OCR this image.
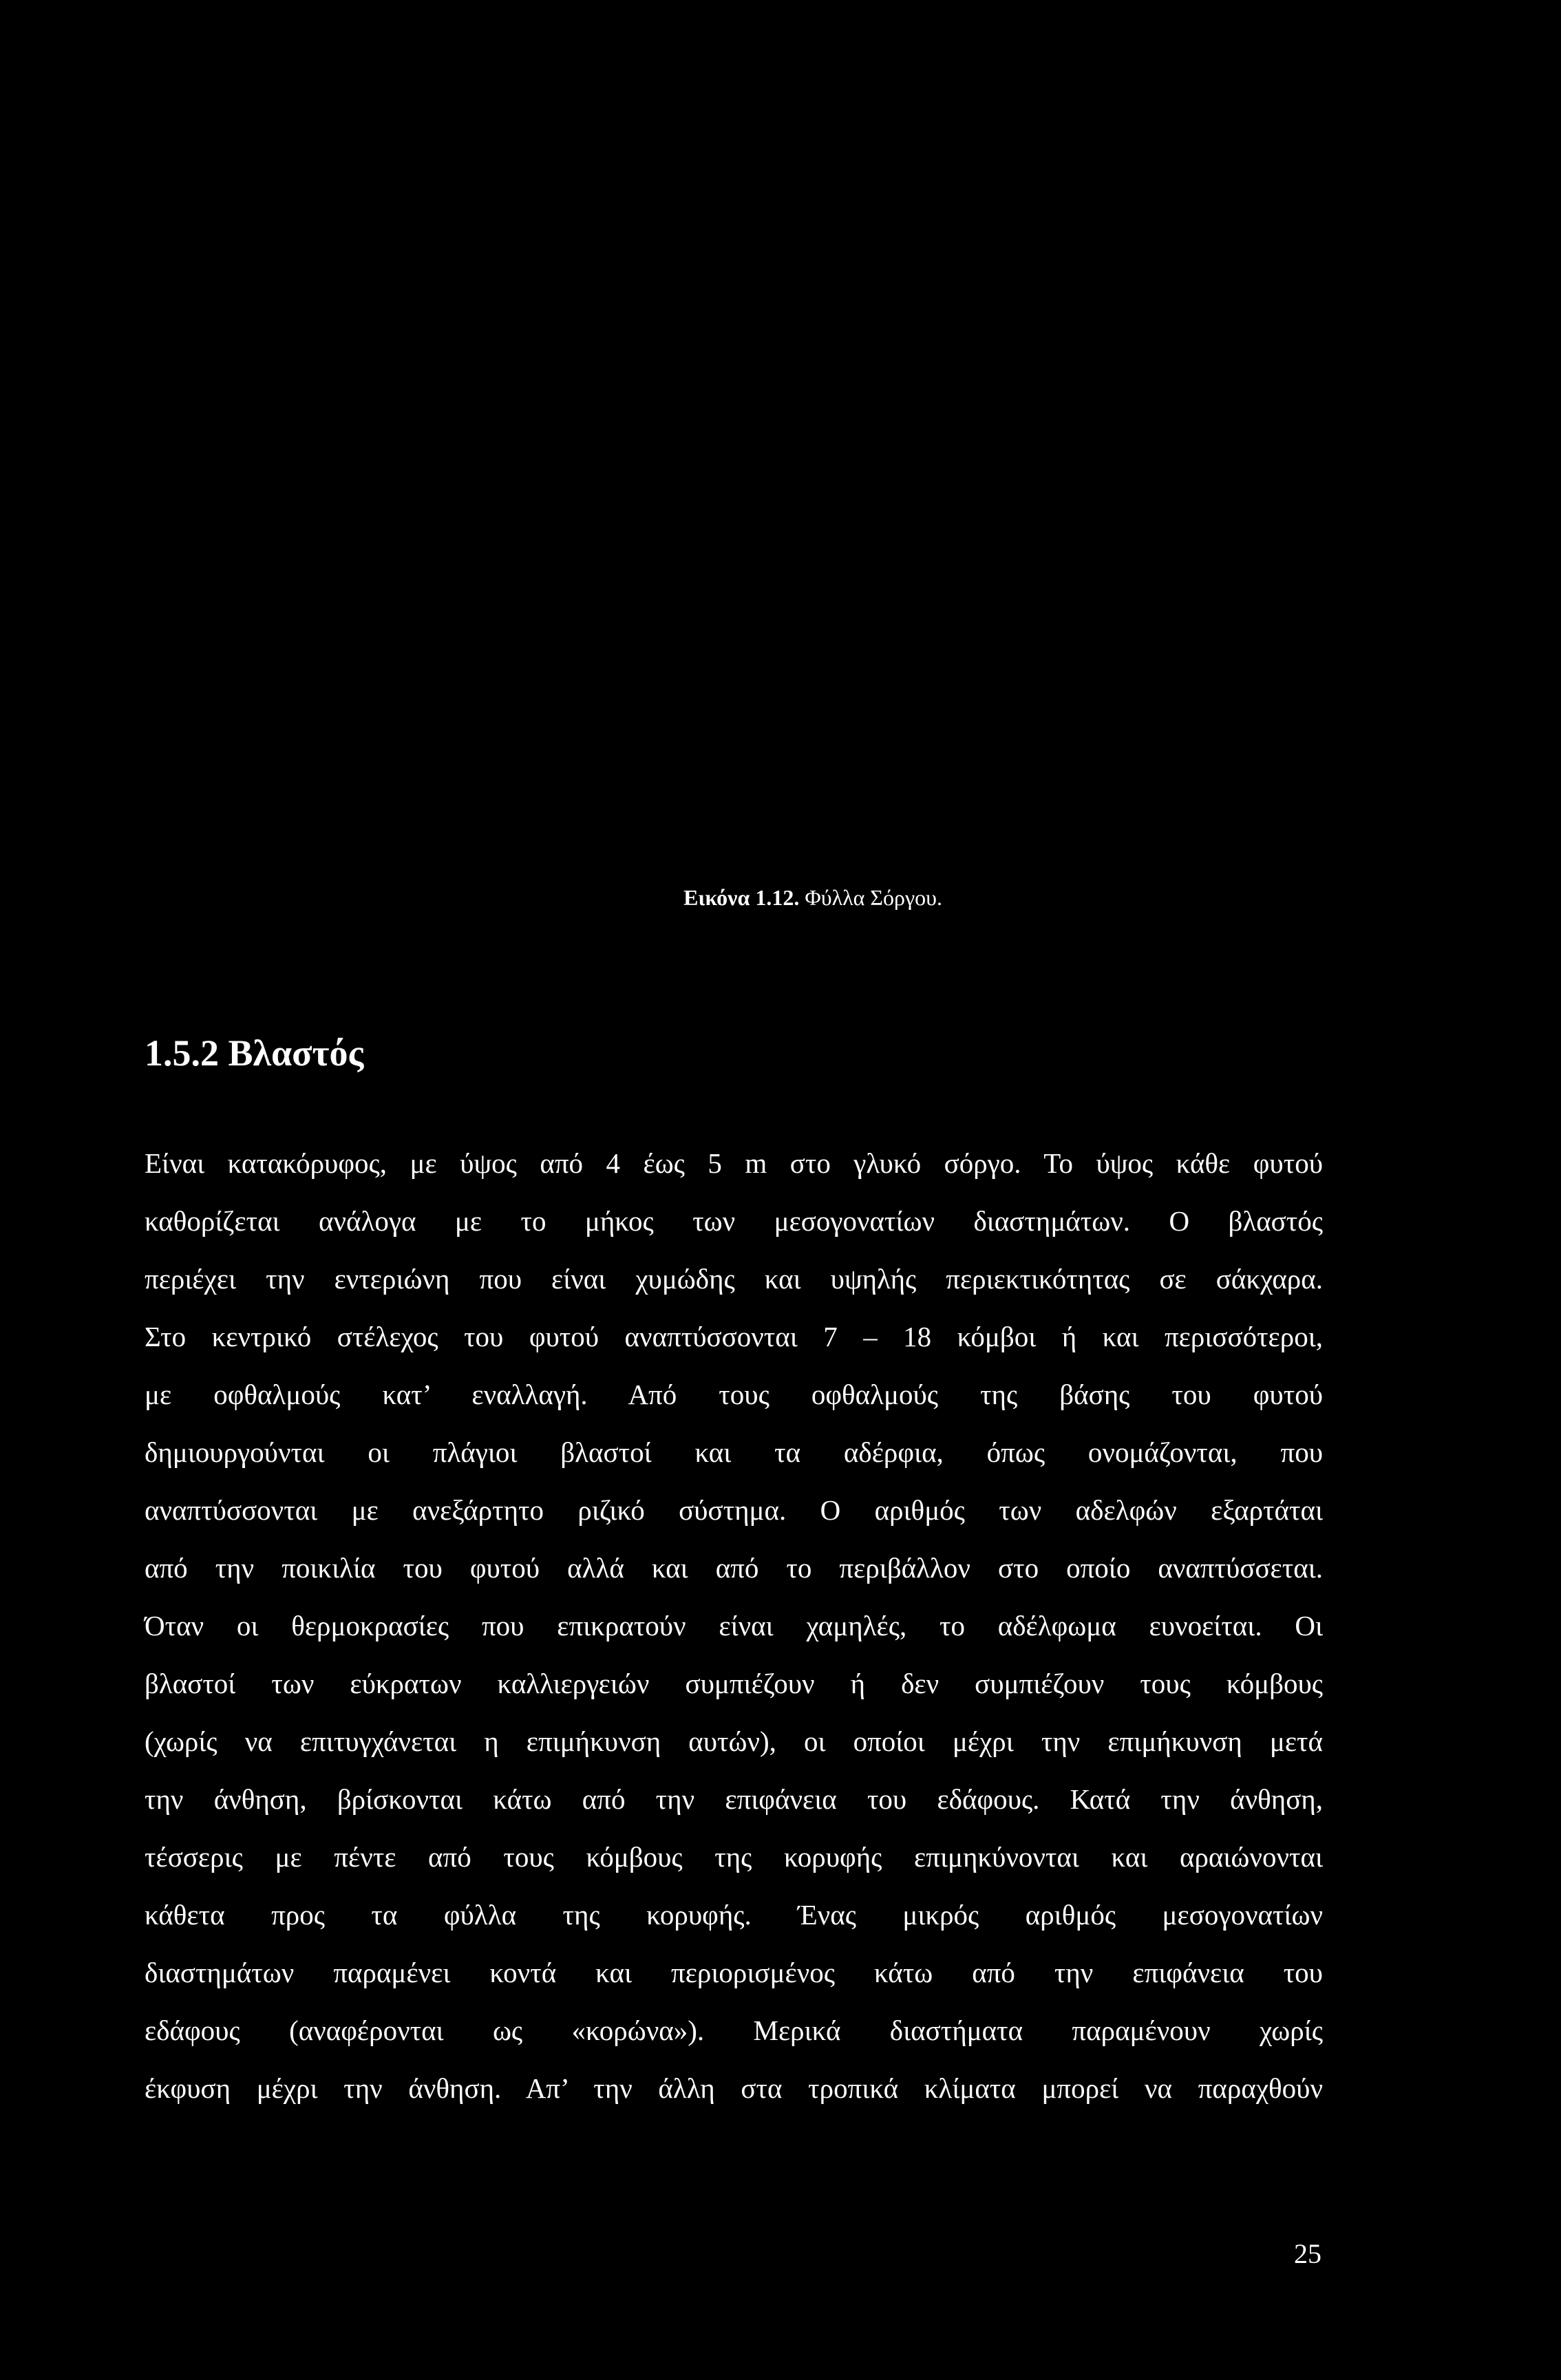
Εικόνα 1.12. Φύλλα Σόργου.
1.5.2 Βλαστός
Είναι κατακόρυφος, με ύψος από 4 έως 5 m στο γλυκό σόργο. Το ύψος κάθε φυτού
καθορίζεται ανάλογα με το μήκος των μεσογονατίων διαστημάτων. Ο βλαστός
περιέχει την εντεριώνη που είναι χυμώδης και υψηλής περιεκτικότητας σε σάκχαρα.
Στο κεντρικό στέλεχος του φυτού αναπτύσσονται 7 – 18 κόμβοι ή και περισσότεροι,
με οφθαλμούς κατ’ εναλλαγή. Από τους οφθαλμούς της βάσης του φυτού
δημιουργούνται οι πλάγιοι βλαστοί και τα αδέρφια, όπως ονομάζονται, που
αναπτύσσονται με ανεξάρτητο ριζικό σύστημα. Ο αριθμός των αδελφών εξαρτάται
από την ποικιλία του φυτού αλλά και από το περιβάλλον στο οποίο αναπτύσσεται.
Όταν οι θερμοκρασίες που επικρατούν είναι χαμηλές, το αδέλφωμα ευνοείται. Οι
βλαστοί των εύκρατων καλλιεργειών συμπιέζουν ή δεν συμπιέζουν τους κόμβους
(χωρίς να επιτυγχάνεται η επιμήκυνση αυτών), οι οποίοι μέχρι την επιμήκυνση μετά
την άνθηση, βρίσκονται κάτω από την επιφάνεια του εδάφους. Κατά την άνθηση,
τέσσερις με πέντε από τους κόμβους της κορυφής επιμηκύνονται και αραιώνονται
κάθετα προς τα φύλλα της κορυφής. Ένας μικρός αριθμός μεσογονατίων
διαστημάτων παραμένει κοντά και περιορισμένος κάτω από την επιφάνεια του
εδάφους (αναφέρονται ως «κορώνα»). Μερικά διαστήματα παραμένουν χωρίς
έκφυση μέχρι την άνθηση. Απ’ την άλλη στα τροπικά κλίματα μπορεί να παραχθούν
25
